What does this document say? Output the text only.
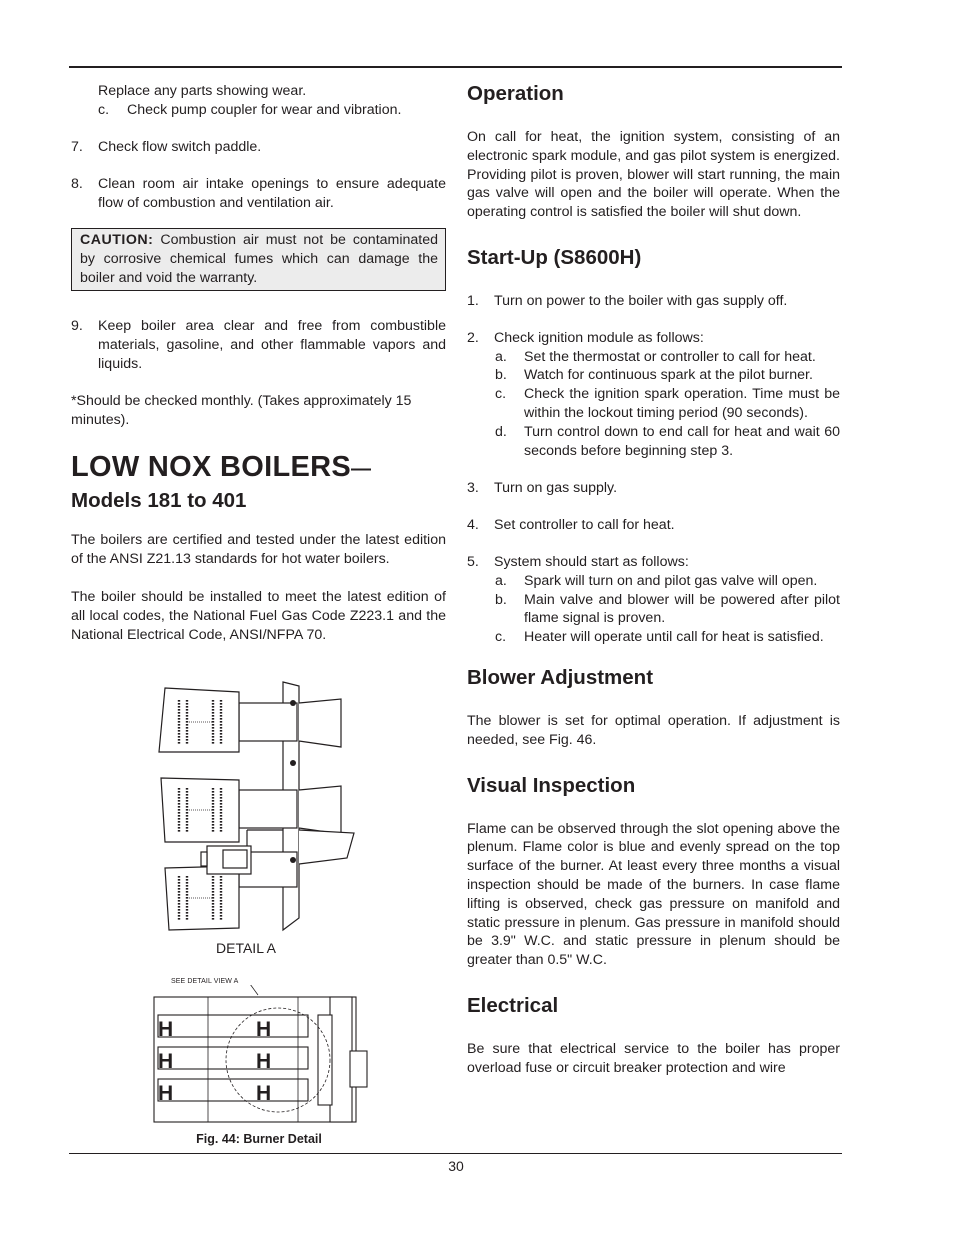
Replace any parts showing wear.

c.	Check pump coupler for wear and vibration.
7.	Check flow switch paddle.
8.	Clean room air intake openings to ensure adequate flow of combustion and ventilation air.
CAUTION: Combustion air must not be contaminated by corrosive chemical fumes which can damage the boiler and void the warranty.
9.	Keep boiler area clear and free from combustible materials, gasoline, and other flammable vapors and liquids.

*Should be checked monthly. (Takes approximately 15 minutes).

LOW NOX BOILERS—

Models 181 to 401

The boilers are certified and tested under the latest edition of the ANSI Z21.13 standards for hot water boilers.

The boiler should be installed to meet the latest edition of all local codes, the National Fuel Gas Code Z223.1 and the National Electrical Code, ANSI/NFPA 70.

DETAIL A
SEE DETAIL VIEW A
H
H
H
H
H
H
Fig. 44: Burner Detail
Operation

On call for heat, the ignition system, consisting of an electronic spark module, and gas pilot system is energized. Providing pilot is proven, blower will start running, the main gas valve will open and the boiler will operate. When the operating control is satisfied the boiler will shut down.

Start-Up (S8600H)
1.	Turn on power to the boiler with gas supply off.
2.	Check ignition module as follows:
a.	Set the thermostat or controller to call for heat.
b.	Watch for continuous spark at the pilot burner.
c.	Check the ignition spark operation. Time must be within the lockout timing period (90 seconds).
d.	Turn control down to end call for heat and wait 60 seconds before beginning step 3.
3.	Turn on gas supply.
4.	Set controller to call for heat.
5.	System should start as follows:
a.	Spark will turn on and pilot gas valve will open.
b.	Main valve and blower will be powered after pilot flame signal is proven.
c.	Heater will operate until call for heat is satisfied.
Blower Adjustment

The blower is set for optimal operation. If adjustment is needed, see Fig. 46.

Visual Inspection

Flame can be observed through the slot opening above the plenum. Flame color is blue and evenly spread on the top surface of the burner. At least every three months a visual inspection should be made of the burners. In case flame lifting is observed, check gas pressure on manifold and static pressure in plenum. Gas pressure in manifold should be 3.9" W.C. and static pressure in plenum should be greater than 0.5" W.C.

Electrical

Be sure that electrical service to the boiler has proper overload fuse or circuit breaker protection and wire

30
